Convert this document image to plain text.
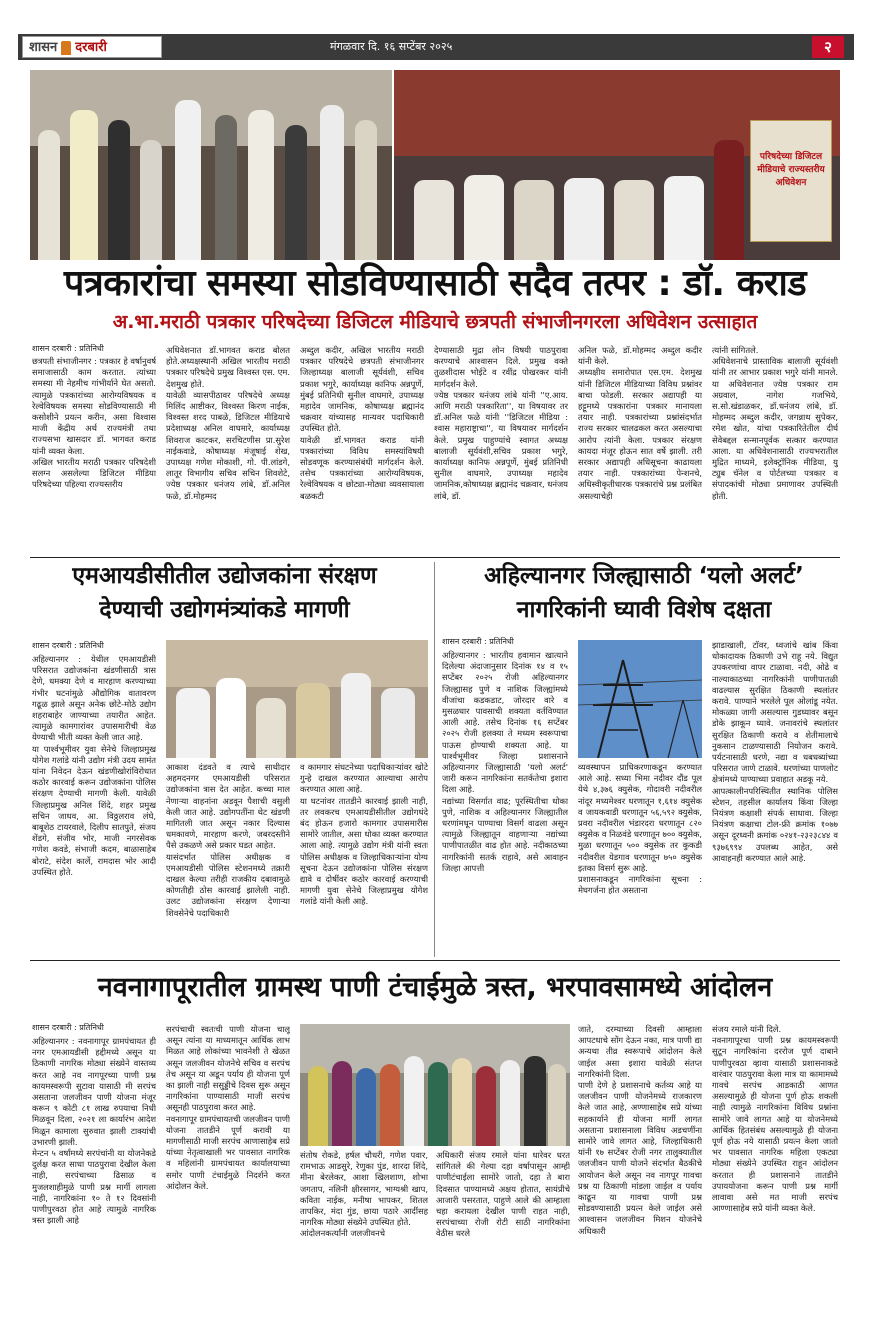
शासन दरबारी	मंगळवार दि. १६ सप्टेंबर २०२५	२
परिषदेच्या डिजिटल मीडियाचे राज्यस्तरीय अधिवेशन
पत्रकारांचा समस्या सोडविण्यासाठी सदैव तत्पर : डॉ. कराड
अ.भा.मराठी पत्रकार परिषदेच्या डिजिटल मीडियाचे छत्रपती संभाजीनगरला अधिवेशन उत्साहात
शासन दरबारी : प्रतिनिधी
छत्रपती संभाजीनगर : पत्रकार हे वर्षानुवर्ष समाजासाठी काम करतात. त्यांच्या समस्या मी नेहमीच गांभीर्याने घेत असतो. त्यामुळे पत्रकारांच्या आरोग्यविषयक व रेल्वेविषयक समस्या सोडविण्यासाठी मी कसोशीने प्रयत्न करीन, असा विश्वास माजी केंद्रीय अर्थ राज्यमंत्री तथा राज्यसभा खासदार डॉ. भागवत कराड यांनी व्यक्त केला.
अखिल भारतीय मराठी पत्रकार परिषदेशी सलग्न असलेल्या डिजिटल मीडिया परिषदेच्या पहिल्या राज्यस्तरीय
अधिवेशनात डॉ.भागवत कराड बोलत होते.अध्यक्षस्थानी अखिल भारतीय मराठी पत्रकार परिषदेचे प्रमुख विश्वस्त एस. एम. देशमुख होते.
यावेळी व्यासपीठावर परिषदेचे अध्यक्ष मिलिंद आष्टीकर, विश्वस्त किरण नाईक, विश्वस्त शरद पाबळे, डिजिटल मीडियाचे प्रदेशाध्यक्ष अनिल वाघमारे, कार्याध्यक्ष शिवराज काटकर, सरचिटणीस प्रा.सुरेश नाईकवाडे, कोषाध्यक्ष मंजूषाई शेख, उपाध्यक्ष गणेश मोकाशी, गो. पी.लांडगे, लातूर विभागीय सचिव सचिन शिवशेटे, ज्येष्ठ पत्रकार धनंजय लांबे, डॉ.अनिल फळे, डॉ.मोहम्मद
अब्दुल कदीर, अखिल भारतीय मराठी पत्रकार परिषदेचे छत्रपती संभाजीनगर जिल्हाध्यक्ष बालाजी सूर्यवंशी, सचिव प्रकाश भगुरे, कार्याध्यक्ष कानिफ अन्नपूर्णे, मुंबई प्रतिनिधी सुनील वाघमारे, उपाध्यक्ष महादेव जामनिक, कोषाध्यक्ष ब्रह्मानंद चक्रवार यांच्यासह मान्यवर पदाधिकारी उपस्थित होते.
यावेळी डॉ.भागवत कराड यांनी पत्रकारांच्या विविध समस्यांविषयी सोडवणूक करण्यासंबंधी मार्गदर्शन केले. तसेच पत्रकारांच्या आरोग्यविषयक, रेल्वेविषयक व छोट्या-मोठ्या व्यवसायाला बळकटी
देण्यासाठी मुद्रा लोन विषयी पाठपुरावा करण्याचे आश्वासन दिले. प्रमुख वक्ते तुळशीदास भोईटे व रवींद्र पोखरकर यांनी मार्गदर्शन केले.
ज्येष्ठ पत्रकार धनंजय लांबे यांनी ''ए.आय. आणि मराठी पत्रकारिता'', या विषयावर तर डॉ.अनिल फळे यांनी ''डिजिटल मीडिया : श्वास महाराष्ट्राचा'', या विषयावर मार्गदर्शन केले. प्रमुख पाहुण्यांचे स्वागत अध्यक्ष बालाजी सूर्यवंशी,सचिव प्रकाश भगुरे, कार्याध्यक्ष कानिफ अन्नपूर्णे, मुंबई प्रतिनिधी सुनील वाघमारे, उपाध्यक्ष महादेव जामनिक,कोषाध्यक्ष ब्रह्मानंद चक्रवार, धनंजय लांबे, डॉ.
अनिल फळे, डॉ.मोहम्मद अब्दुल कदीर यांनी केले.
अध्यक्षीय समारोपात एस.एम. देशमुख यांनी डिजिटल मीडियाच्या विविध प्रश्नांवर बाचा फोडली. सरकार अद्यापही या हट्टूमध्ये पत्रकारांना पत्रकार मानायला तयार नाही. पत्रकारांच्या प्रश्नांसंदर्भात राज्य सरकार चालढकल करत असल्याचा आरोप त्यांनी केला. पत्रकार संरक्षण कायदा मंजूर होऊन सात वर्षे झाली. तरी सरकार अद्यापही अधिसूचना काढायला तयार नाही. पत्रकारांच्या पेन्शनचे, अधिस्वीकृतीधारक पत्रकारांचे प्रश्न प्रलंबित असल्याचेही
त्यांनी सांगितले.
अधिवेशनाचे प्रास्ताविक बालाजी सूर्यवंशी यांनी तर आभार प्रकाश भगुरे यांनी मानले. या अधिवेशनात ज्येष्ठ पत्रकार राम अग्रवाल, नागेश गजभिये, स.सो.खंडाळकर, डॉ.धनंजय लांबे, डॉ. मोहम्मद अब्दुल कदीर, जगन्नाथ सुपेकर, रमेश खोत, यांचा पत्रकारितेतील दीर्घ सेवेबद्दल सन्मानपूर्वक सत्कार करण्यात आला. या अधिवेशनासाठी राज्यभरातील मुद्रित माध्यमे, इलेक्ट्रॉनिक मीडिया, यु ट्युब चॅनेल व पोर्टलच्या पत्रकार व संपादकांची मोठ्या प्रमाणावर उपस्थिती होती.
एमआयडीसीतील उद्योजकांना संरक्षण
देण्याची उद्योगमंत्र्यांकडे मागणी
शासन दरबारी : प्रतिनिधी
अहिल्यानगर : येथील एमआयडीसी परिसरात उद्योजकांना खंडणीसाठी त्रास देणे, धमक्या देणे व मारहाण करण्याच्या गंभीर घटनांमुळे औद्योगिक वातावरण गढूळ झाले असून अनेक छोटे-मोठे उद्योग शहराबाहेर जाण्याच्या तयारीत आहेत. त्यामुळे कामगारांवर उपासमारीची वेळ येण्याची भीती व्यक्त केली जात आहे.
या पार्श्वभूमीवर युवा सेनेचे जिल्हाप्रमुख योगेश गलांडे यांनी उद्योग मंत्री उदय सामंत यांना निवेदन देऊन खंडणीखोरांविरोधात कठोर कारवाई करून उद्योजकांना पोलिस संरक्षण देण्याची मागणी केली. यावेळी जिल्हाप्रमुख अनिल शिंदे, शहर प्रमुख सचिन जाधव, आ. विठ्ठलराव लंघे, बाबूशेठ टायरवाले, दिलीप सातपुते, संजय शेंडगे, संजीव भोर, माजी नगरसेवक गणेश कवडे, संभाजी कदम, बाळासाहेब बोराटे, संदेश कार्ले, रामदास भोर आदी उपस्थित होते.
आकाश दंडवते व त्याचे साथीदार अहमदनगर एमआयडीसी परिसरात उद्योजकांना त्रास देत आहेत. कच्चा माल नेणाऱ्या वाहनांना अडवून पैशाची वसुली केली जात आहे. उद्योगपतींना थेट खंडणी मागितली जात असून नकार दिल्यास धमकावणे, मारहाण करणे, जबरदस्तीने पैसे उकळणे असे प्रकार घडत आहेत.
यासंदर्भात पोलिस अधीक्षक व एमआयडीसी पोलिस स्टेशनमध्ये तक्रारी दाखल केल्या तरीही राजकीय दबावामुळे कोणतीही ठोस कारवाई झालेली नाही. उलट उद्योजकांना संरक्षण देणाऱ्या शिवसेनेचे पदाधिकारी
व कामगार संघटनेच्या पदाधिकाऱ्यांवर खोटे गुन्हे दाखल करण्यात आल्याचा आरोप करण्यात आला आहे.
या घटनांवर तातडीने कारवाई झाली नाही, तर लवकरच एमआयडीसीतील उद्योगधंदे बंद होऊन हजारो कामगार उपासमारीस सामोरे जातील, असा धोका व्यक्त करण्यात आला आहे. त्यामुळे उद्योग मंत्री यांनी स्वतः पोलिस अधीक्षक व जिल्हाधिकाऱ्यांना योग्य सूचना देऊन उद्योजकांना पोलिस संरक्षण द्यावे व दोषींवर कठोर कारवाई करण्याची मागणी युवा सेनेचे जिल्हाप्रमुख योगेश गलांडे यांनी केली आहे.
अहिल्यानगर जिल्ह्यासाठी ‘यलो अलर्ट’
नागरिकांनी घ्यावी विशेष दक्षता
शासन दरबारी : प्रतिनिधी
अहिल्यानगर : भारतीय हवामान खात्याने दिलेल्या अंदाजानुसार दिनांक १४ व १५ सप्टेंबर २०२५ रोजी अहिल्यानगर जिल्ह्यासह पुणे व नाशिक जिल्ह्यांमध्ये वीजांचा कडकडाट, जोरदार वारे व मुसळधार पावसाची शक्यता वर्तविण्यात आली आहे. तसेच दिनांक १६ सप्टेंबर २०२५ रोजी हलक्या ते मध्यम स्वरूपाचा पाऊस होण्याची शक्यता आहे. या पार्श्वभूमीवर जिल्हा प्रशासनाने अहिल्यानगर जिल्ह्यासाठी 'यलो अलर्ट' जारी करून नागरिकांना सतर्कतेचा इशारा दिला आहे.
नद्यांच्या विसर्गात वाढ; पूरस्थितीचा धोका पुणे, नाशिक व अहिल्यानगर जिल्ह्यातील धरणांमधून पाण्याचा विसर्ग वाढला असून त्यामुळे जिल्ह्यातून वाहणाऱ्या नद्यांच्या पाणीपातळीत वाढ होत आहे. नदीकाठच्या नागरिकांनी सतर्क राहावे, असे आवाहन जिल्हा आपत्ती
व्यवस्थापन प्राधिकरणाकडून करण्यात आले आहे. सध्या भिमा नदीवर दौंड पूल येथे ४,३७६ क्युसेक, गोदावरी नदीवरील नांदूर मध्यमेश्वर धरणातून १,६१४ क्युसेक व जायकवाडी धरणातून ५६,५९२ क्युसेक, प्रवरा नदीवरील भंडारदरा धरणातून ८२० क्युसेक व निळवंडे धरणातून ७०० क्युसेक, मुळा धरणातून ५०० क्युसेक तर कुकडी नदीवरील येडगाव धरणातून ७५० क्युसेक इतका विसर्ग सुरू आहे.
प्रशासनाकडून नागरिकांना सूचना : मेघगर्जना होत असताना
झाडाखाली, टॉवर, ध्वजांचे खांब किंवा धोकादायक ठिकाणी उभे राहू नये. विद्युत उपकरणांचा वापर टाळावा. नदी, ओढे व नाल्याकाठच्या नागरिकांनी पाणीपातळी वाढल्यास सुरक्षित ठिकाणी स्थलांतर करावे. पाण्याने भरलेले पूल ओलांडू नयेत. मोकळ्या जागी असल्यास गुडघ्यावर बसून डोके झाकून घ्यावे. जनावरांचे स्थलांतर सुरक्षित ठिकाणी करावे व शेतीमालाचे नुकसान टाळण्यासाठी नियोजन करावे. पर्यटनासाठी धरणे, नद्या व धबधब्यांच्या परिसरात जाणे टाळावे. धरणांच्या पाणलोट क्षेत्रांमध्ये पाण्याच्या प्रवाहात अडकू नये.
आपत्कालीनपरिस्थितीत स्थानिक पोलिस स्टेशन, तहसील कार्यालय किंवा जिल्हा नियंत्रण कक्षाशी संपर्क साधावा. जिल्हा नियंत्रण कक्षाचा टोल-फ्री क्रमांक १०७७ असून दूरध्वनी क्रमांक ०२४१-२३२३८४४ व ९३७६९९४ उपलब्ध आहेत, असे आवाहनही करण्यात आले आहे.
नवनागापूरातील ग्रामस्थ पाणी टंचाईमुळे त्रस्त, भरपावसामध्ये आंदोलन
शासन दरबारी : प्रतिनिधी
अहिल्यानगर : नवनागापूर ग्रामपंचायत ही नगर एमआयडीसी हद्दीमध्ये असून या ठिकाणी नागरिक मोठ्या संख्येने वास्तव्य करत आहे नव नागपूरच्या पाणी प्रश्न कायमस्वरूपी सुटावा यासाठी मी सरपंच असताना जलजीवन पाणी योजना मंजूर करून ९ कोटी ८१ लाख रुपयाचा निधी मिळवून दिला, २०२१ ला कार्यारंभ आदेश मिळून कामाला सुरुवात झाली टाक्यांची उभारणी झाली.
मेन्टन ५ वर्षांमध्ये सरपंचांनी या योजनेकडे दुर्लक्ष करत साधा पाठपुरावा देखील केला नाही, सरपंचाच्या ढिसाळ व मुजलशाहीमुळे पाणी प्रश्न मार्गी लागला नाही, नागरिकांना १० ते १२ दिवसांनी पाणीपुरवठा होत आहे त्यामुळे नागरिक त्रस्त झाली आहे
सरपंचाची स्वतःची पाणी योजना चालू असून त्यांना या माध्यमातून आर्थिक लाभ मिळत आहे लोकांच्या भावनेशी ते खेळत असून जलजीवन योजनेचे सचिव व सरपंच तेच असून या अडून पर्याय ही योजना पूर्ण का झाली नाही ससुड्डीचे दिवस सुरू असून नागरिकांना पाण्यासाठी माजी सरपंच असूनही पाठपुरावा करत आहे.
नवनागापूर ग्रामपंचायतची जलजीवन पाणी योजना तातडीने पूर्ण करावी या मागणीसाठी माजी सरपंच आणासाहेब सप्रे यांच्या नेतृत्वाखाली भर पावसात नागरिक व महिलांनी ग्रामपंचायत कार्यालयाच्या समोर पाणी टंचाईमुळे निदर्शने करत आंदोलन केले.
संतोष रोकडे, हर्षल चौधरी, गणेश पवार, रामभाऊ आडसुरे, रेणुका पुंड, शारदा शिंदे, मीना बेरलेकर, आशा खिलशाण, शोभा जगताप, नलिनी क्षीरसागर, भाग्यश्री खाप, कविता नाईक, मनीषा भापकर, शितल तापकिर, मंदा गुंड, छाया पठारे आदींसह नागरिक मोठ्या संख्येने उपस्थित होते.
आंदोलनकर्त्यांनी जलजीवनचे
अधिकारी संजय रमाले यांना धारेवर धरत सांगितले की गेल्या दहा वर्षापासून आम्ही पाणीटंचाईला सामोरे जातो, दहा ते बारा दिवसात पाण्यामध्ये अक्षय होतात, सायंप्रीचे आजारी पसरतात, पाहुणे आले की आम्हाला चहा करायला देखील पाणी राहत नाही, सरपंचाच्या रोजी रोटी साठी नागरिकांना वेठीस धरले
जाते, दरम्याच्या दिवसी आम्हाला आपटधाचे सोंग देऊन नका, मात्र पाणी द्या अन्यथा तीव्र स्वरूपाचे आंदोलन केले जाईल असा इशारा यावेळी संतप्त नागरिकांनी दिला.
पाणी देणे हे प्रशासनाचे कर्तव्य आहे या जलजीवन पाणी योजनेमध्ये राजकारण केले जात आहे, अण्णासाहेब सप्रे यांच्या सहकार्याने ही योजना मार्गी लागत असताना प्रशासनाला विविध अडचणींना सामोरे जावे लागत आहे, जिल्हाधिकारी यांनी १७ सप्टेंबर रोजी नगर तालुक्यातील जलजीवन पाणी योजने संदर्भात बैठकीचे आयोजन केले असून नव नागपूर गावचा प्रश्न या ठिकाणी मांडला जाईल व पर्याय काढून या गावचा पाणी प्रश्न सोडवण्यासाठी प्रयत्न केले जाईल असे आश्वासन जलजीवन मिशन योजनेचे अधिकारी
संजय रमाले यांनी दिले.
नवनागापूरचा पाणी प्रश्न कायमस्वरूपी सुटून नागरिकांना दररोज पूर्ण दाबाने पाणीपुरवठा व्हावा यासाठी प्रशासनाकडे वारंवार पाठपुरावा केला मात्र या कामामध्ये गावचे सरपंच आडकाठी आणत असल्यामुळे ही योजना पूर्ण होऊ शकली नाही त्यामुळे नागरिकांना विविध प्रश्नांना सामोरे जावे लागत आहे या योजनेमध्ये आर्थिक हितसंबंध असल्यामुळे ही योजना पूर्ण होऊ नये यासाठी प्रयत्न केला जातो भर पावसात नागरिक महिला एकट्या मोठ्या संख्येने उपस्थित राहून आंदोलन करतात ही प्रशासनाने तातडीने उपाययोजना करून पाणी प्रश्न मार्गी लावावा असे मत माजी सरपंच आण्णासाहेब सप्रे यांनी व्यक्त केले.
